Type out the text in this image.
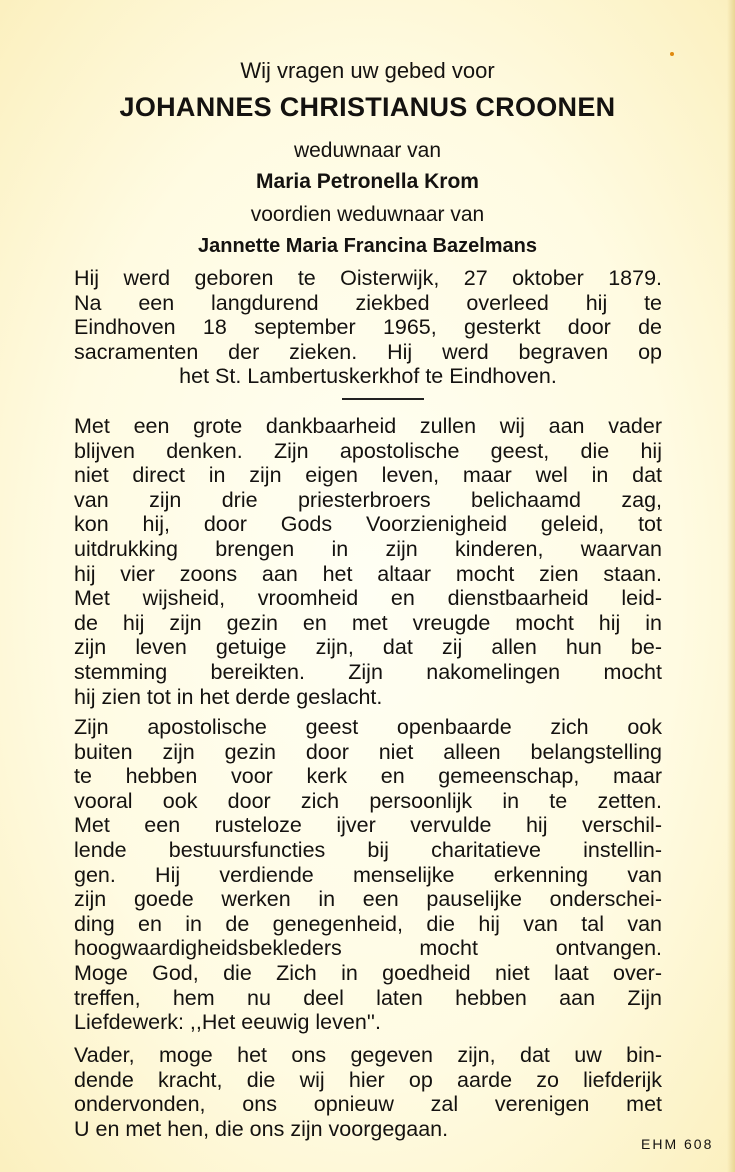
Wij vragen uw gebed voor
JOHANNES CHRISTIANUS CROONEN
weduwnaar van
Maria Petronella Krom
voordien weduwnaar van
Jannette Maria Francina Bazelmans
Hij werd geboren te Oisterwijk, 27 oktober 1879.
Na een langdurend ziekbed overleed hij te
Eindhoven 18 september 1965, gesterkt door de
sacramenten der zieken. Hij werd begraven op
het St. Lambertuskerkhof te Eindhoven.
Met een grote dankbaarheid zullen wij aan vader
blijven denken. Zijn apostolische geest, die hij
niet direct in zijn eigen leven, maar wel in dat
van zijn drie priesterbroers belichaamd zag,
kon hij, door Gods Voorzienigheid geleid, tot
uitdrukking brengen in zijn kinderen, waarvan
hij vier zoons aan het altaar mocht zien staan.
Met wijsheid, vroomheid en dienstbaarheid leid-
de hij zijn gezin en met vreugde mocht hij in
zijn leven getuige zijn, dat zij allen hun be-
stemming bereikten. Zijn nakomelingen mocht
hij zien tot in het derde geslacht.
Zijn apostolische geest openbaarde zich ook
buiten zijn gezin door niet alleen belangstelling
te hebben voor kerk en gemeenschap, maar
vooral ook door zich persoonlijk in te zetten.
Met een rusteloze ijver vervulde hij verschil-
lende bestuursfuncties bij charitatieve instellin-
gen. Hij verdiende menselijke erkenning van
zijn goede werken in een pauselijke onderschei-
ding en in de genegenheid, die hij van tal van
hoogwaardigheidsbekleders mocht ontvangen.
Moge God, die Zich in goedheid niet laat over-
treffen, hem nu deel laten hebben aan Zijn
Liefdewerk: ,,Het eeuwig leven''.
Vader, moge het ons gegeven zijn, dat uw bin-
dende kracht, die wij hier op aarde zo liefderijk
ondervonden, ons opnieuw zal verenigen met
U en met hen, die ons zijn voorgegaan.
EHM 608
